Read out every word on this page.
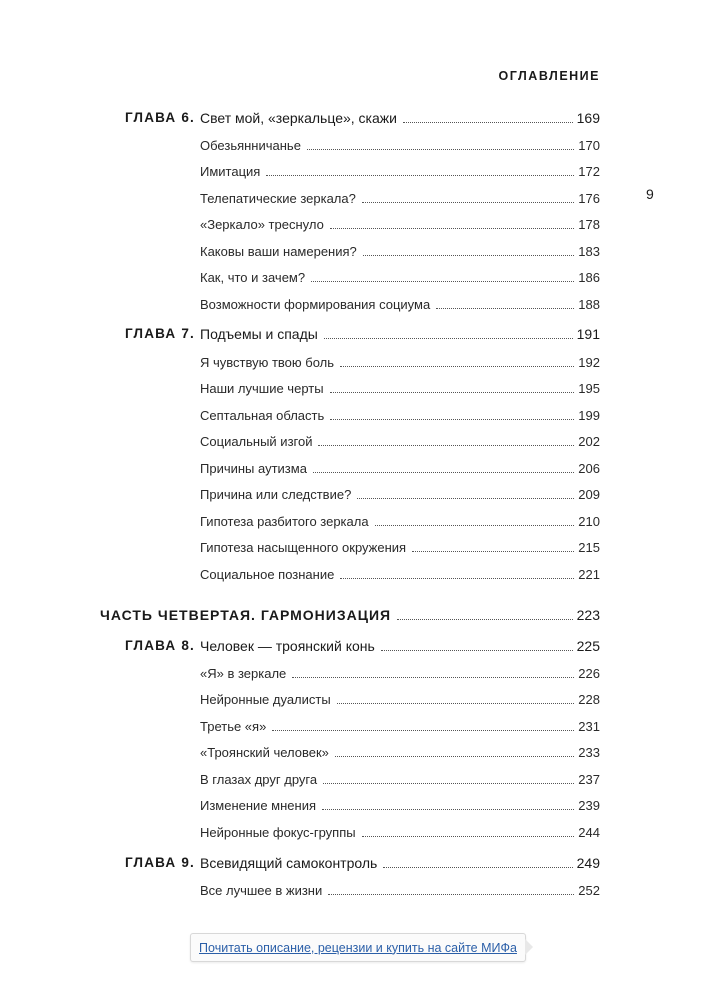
ОГЛАВЛЕНИЕ
9
ГЛАВА 6. Свет мой, «зеркальце», скажи	169
Обезьянничанье	170
Имитация	172
Телепатические зеркала?	176
«Зеркало» треснуло	178
Каковы ваши намерения?	183
Как, что и зачем?	186
Возможности формирования социума	188
ГЛАВА 7. Подъемы и спады	191
Я чувствую твою боль	192
Наши лучшие черты	195
Септальная область	199
Социальный изгой	202
Причины аутизма	206
Причина или следствие?	209
Гипотеза разбитого зеркала	210
Гипотеза насыщенного окружения	215
Социальное познание	221
ЧАСТЬ ЧЕТВЕРТАЯ. ГАРМОНИЗАЦИЯ	223
ГЛАВА 8. Человек — троянский конь	225
«Я» в зеркале	226
Нейронные дуалисты	228
Третье «я»	231
«Троянский человек»	233
В глазах друг друга	237
Изменение мнения	239
Нейронные фокус-группы	244
ГЛАВА 9. Всевидящий самоконтроль	249
Все лучшее в жизни	252
Почитать описание, рецензии и купить на сайте МИФа
